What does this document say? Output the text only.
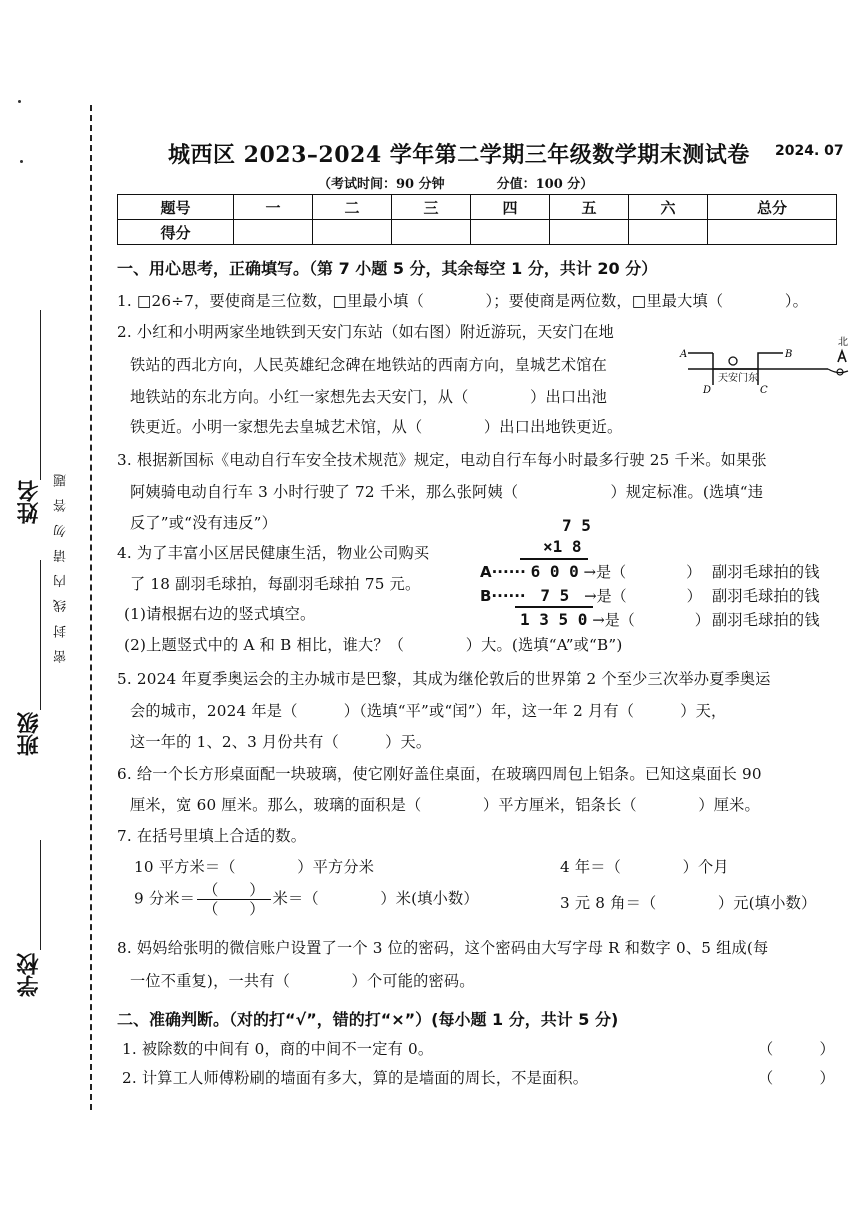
姓名
班级
学校
密 封 线 内 请 勿 答 题
城西区 2023–2024 学年第二学期三年级数学期末测试卷 2024. 07
（考试时间：90 分钟	分值：100 分）
题号	一	二	三	四	五	六	总分
得分							
一、用心思考，正确填写。（第 7 小题 5 分，其余每空 1 分，共计 20 分）
1. □26÷7，要使商是三位数，□里最小填（　　　　）；要使商是两位数，□里最大填（　　　　）。
2. 小红和小明两家坐地铁到天安门东站（如右图）附近游玩，天安门在地
铁站的西北方向，人民英雄纪念碑在地铁站的西南方向，皇城艺术馆在
地铁站的东北方向。小红一家想先去天安门，从（　　　　）出口出池
铁更近。小明一家想先去皇城艺术馆，从（　　　　）出口出地铁更近。
天安门东
A	B
C
D
北
3. 根据新国标《电动自行车安全技术规范》规定，电动自行车每小时最多行驶 25 千米。如果张
阿姨骑电动自行车 3 小时行驶了 72 千米，那么张阿姨（　　　　　　）规定标准。(选填“违
反了”或“没有违反”）
4. 为了丰富小区居民健康生活，物业公司购买
了 18 副羽毛球拍，每副羽毛球拍 75 元。
(1)请根据右边的竖式填空。
(2)上题竖式中的 A 和 B 相比，谁大？（　　　　）大。(选填“A”或“B”)
7 5
×1 8
A······ 6 0 0 →是（　　　　） 副羽毛球拍的钱
B······ 7 5 →是（　　　　） 副羽毛球拍的钱
1 3 5 0 →是（　　　　） 副羽毛球拍的钱
5. 2024 年夏季奥运会的主办城市是巴黎，其成为继伦敦后的世界第 2 个至少三次举办夏季奥运
会的城市，2024 年是（　　　）（选填“平”或“闰”）年，这一年 2 月有（　　　）天，
这一年的 1、2、3 月份共有（　　　）天。
6. 给一个长方形桌面配一块玻璃，使它刚好盖住桌面，在玻璃四周包上铝条。已知这桌面长 90
厘米，宽 60 厘米。那么，玻璃的面积是（　　　　）平方厘米，铝条长（　　　　）厘米。
7. 在括号里填上合适的数。
10 平方米＝（　　　　）平方分米	4 年＝（　　　　）个月
9 分米＝ $\frac{( )}{( )}$ 米＝（　　　　）米(填小数）	3 元 8 角＝（　　　　）元(填小数）
8. 妈妈给张明的微信账户设置了一个 3 位的密码，这个密码由大写字母 R 和数字 0、5 组成(每
一位不重复)，一共有（　　　　）个可能的密码。
二、准确判断。（对的打“√”，错的打“×”）(每小题 1 分，共计 5 分)
1. 被除数的中间有 0，商的中间不一定有 0。	（　　　）
2. 计算工人师傅粉刷的墙面有多大，算的是墙面的周长，不是面积。	（　　　）
